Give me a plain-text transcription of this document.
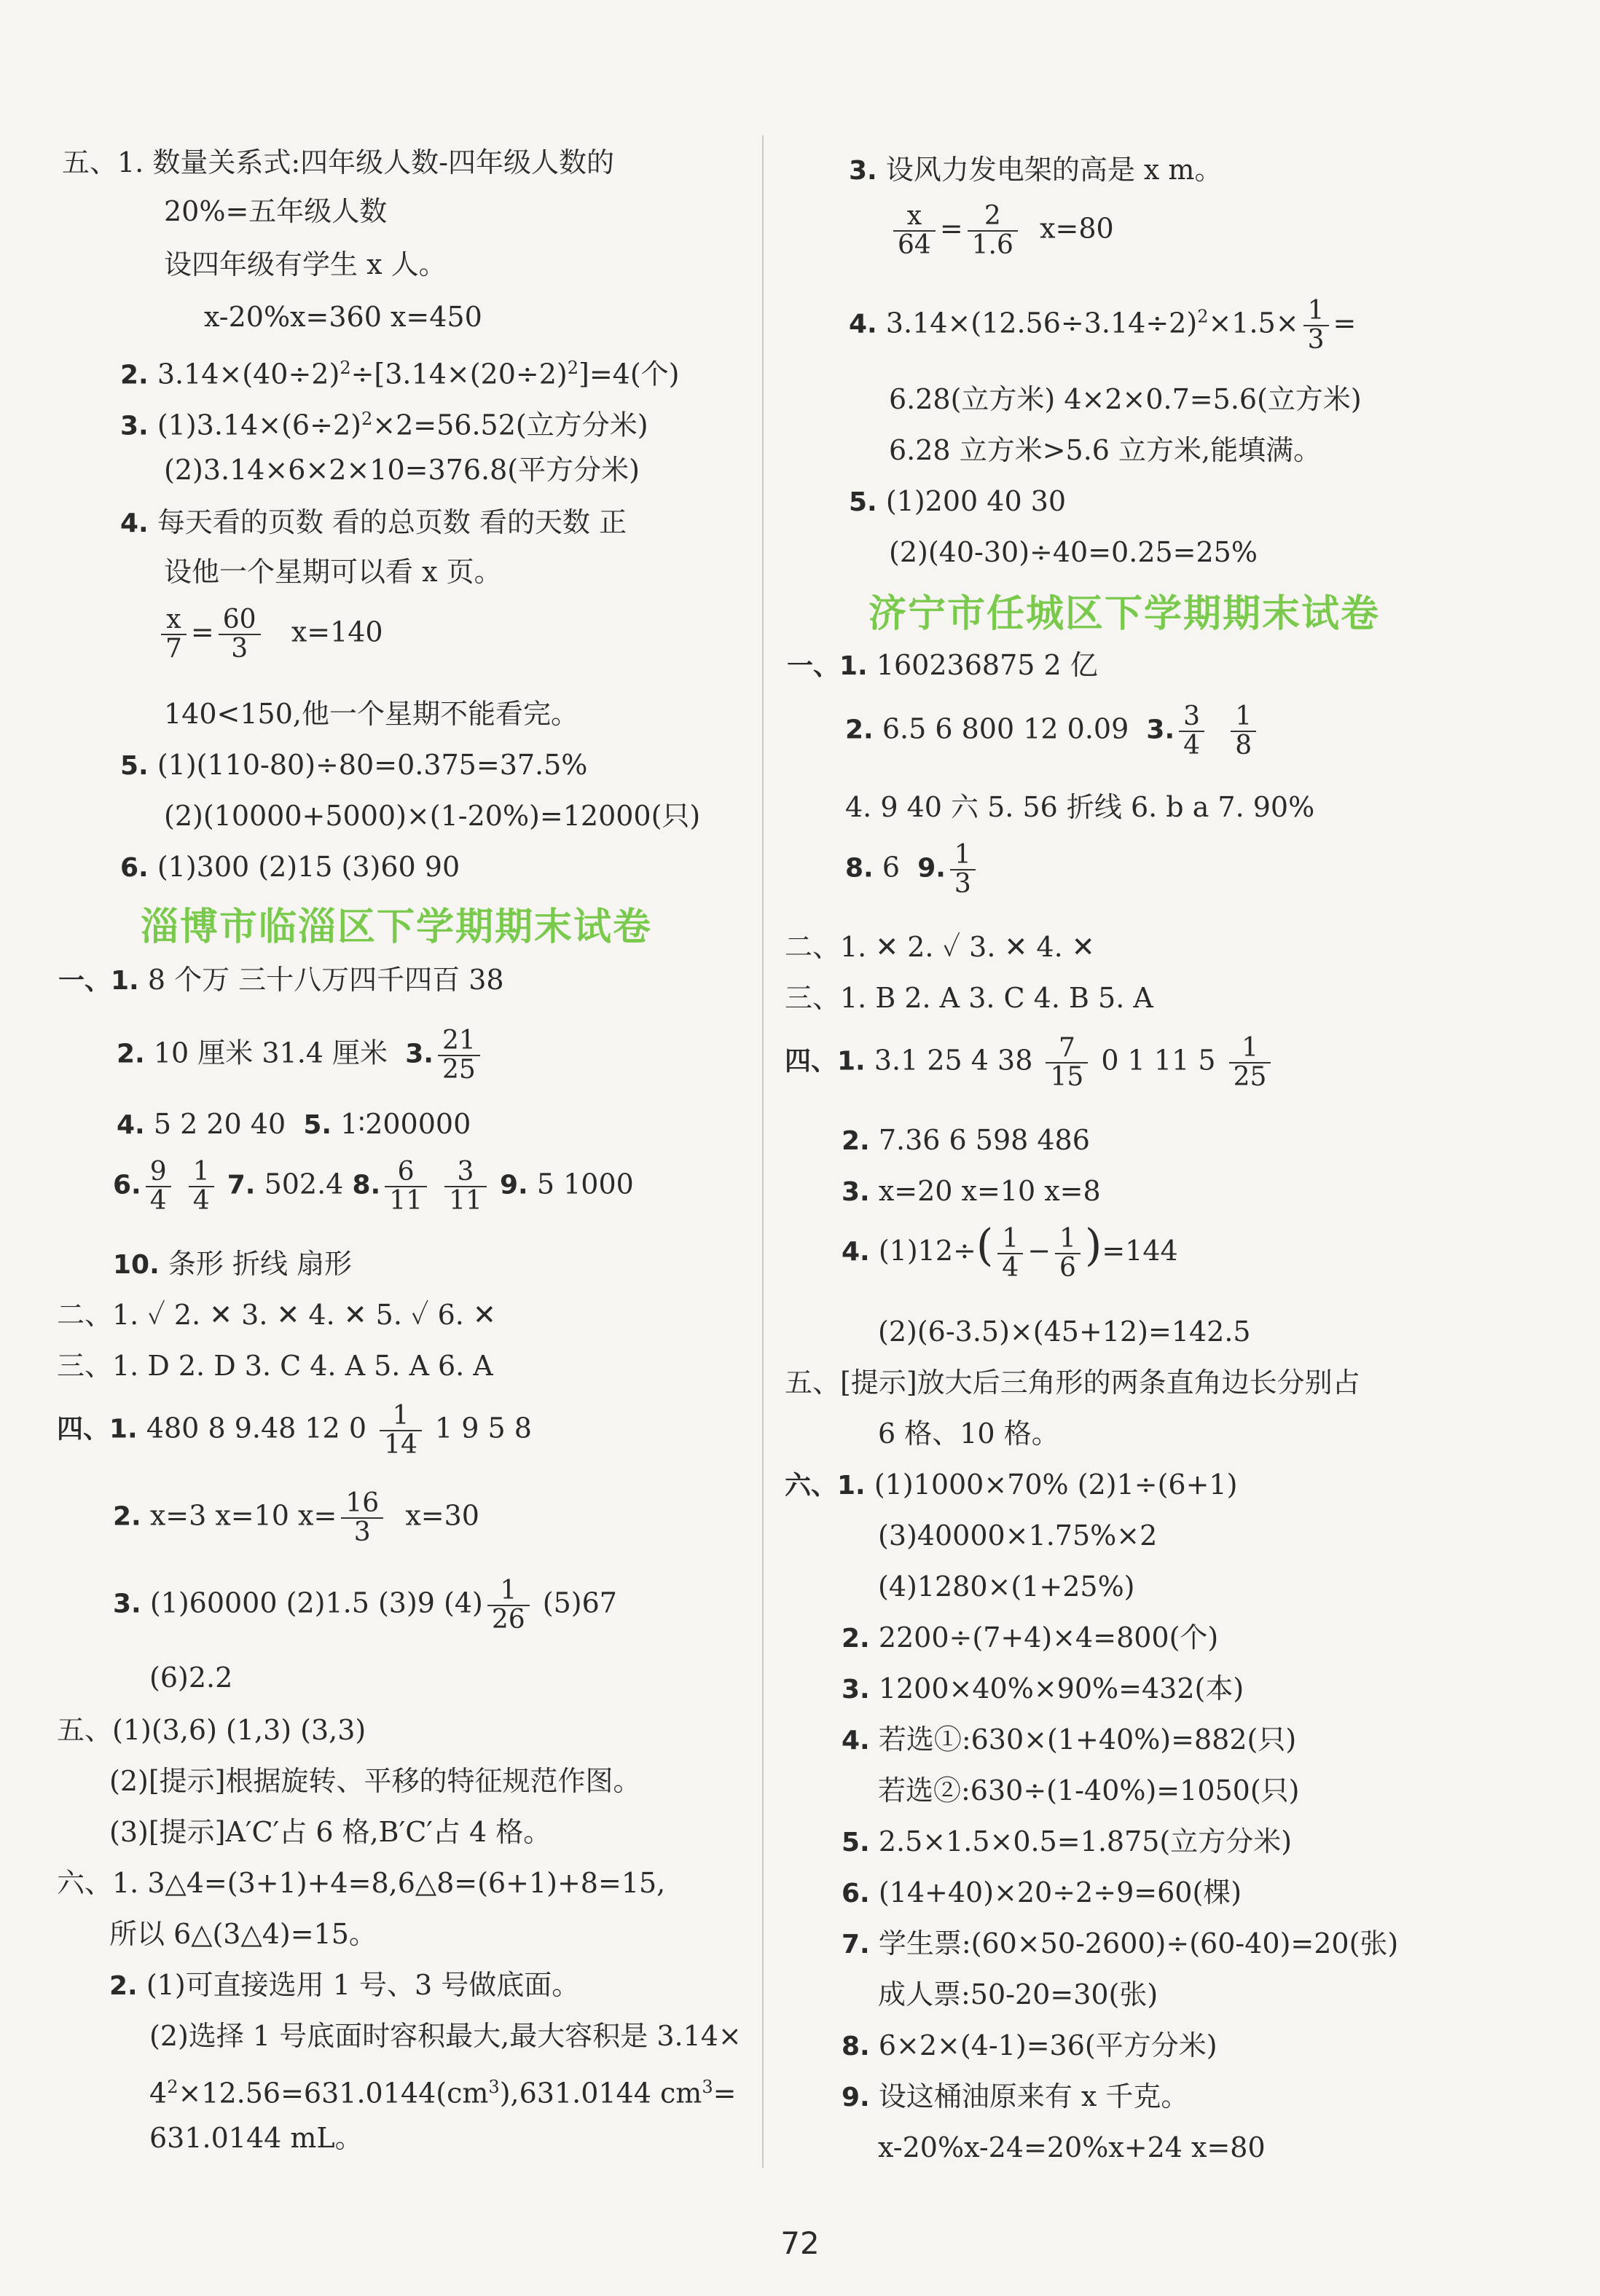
五、1. 数量关系式:四年级人数-四年级人数的
20%=五年级人数
设四年级有学生 x 人。
x-20%x=360 x=450
2. $3.14\times(40\div 2)^2\div[3.14\times(20\div 2)^2]=4$(个)
3. $(1)3.14\times(6\div 2)^2\times 2=56.52$(立方分米)
(2)3.14×6×2×10=376.8(平方分米)
4. 每天看的页数 看的总页数 看的天数 正
设他一个星期可以看 x 页。
$\frac{x}{7} = \frac{60}{3} x=140$
140<150,他一个星期不能看完。
5. (1)(110-80)÷80=0.375=37.5%
(2)(10000+5000)×(1-20%)=12000(只)
6. (1)300 (2)15 (3)60 90
淄博市临淄区下学期期末试卷
一、1. 8 个万 三十八万四千四百 38
2. 10 厘米 31.4 厘米 3. $\frac{21}{25}$
4. 5 2 20 40 5. 1∶200000
6. $\frac{9}{4}$
$\frac{1}{4} 7$. 502.4 8. $\frac{6}{11}$
$\frac{3}{11} 9$. 5 1000
10. 条形 折线 扇形
二、1. ✓ 2. ✕ 3. ✕ 4. ✕ 5. ✓ 6. ✕
三、1. D 2. D 3. C 4. A 5. A 6. A
四、1. 480 8 9.48 12 $0 \frac{1}{14} 1$ 9 5 8
2. x=3 x=10 $x= \frac{16}{3} x=30$
3. (1)60000 (2)1.5 (3)9 $(4) \frac{1}{26} (5)67$
(6)2.2
五、(1)(3,6) (1,3) (3,3)
(2)[提示]根据旋转、平移的特征规范作图。
(3)[提示]A′C′占 6 格,B′C′占 4 格。
六、1. 3△4=(3+1)+4=8,6△8=(6+1)+8=15,
所以 6△(3△4)=15。
2. (1)可直接选用 1 号、3 号做底面。
(2)选择 1 号底面时容积最大,最大容积是 3.14×
$4^2\times 12.56=631.0144(cm^3),631.0144$ $cm^3=$
631.0144 mL。
3. 设风力发电架的高是 x m。
$\frac{x}{64} = \frac{2}{1.6} x=80$
4. $3.14\times(12.56\div 3.14\div 2)^2\times 1.5\times \frac{1}{3}$ =
6.28(立方米) 4×2×0.7=5.6(立方米)
6.28 立方米>5.6 立方米,能填满。
5. (1)200 40 30
(2)(40-30)÷40=0.25=25%
济宁市任城区下学期期末试卷
一、1. 160236875 2 亿
2. 6.5 6 800 12 0.09 3. $\frac{3}{4}$
$\frac{1}{8}$
4. 9 40 六 5. 56 折线 6. b a 7. 90%
8. 6 9. $\frac{1}{3}$
二、1. ✕ 2. ✓ 3. ✕ 4. ✕
三、1. B 2. A 3. C 4. B 5. A
四、1. 3.1 25 4 $38 \frac{7}{15} 0$ 1 11 $5 \frac{1}{25}$
2. 7.36 6 598 486
3. x=20 x=10 x=8
4. $(1)12\div( \frac{1}{4} - \frac{1}{6} )=144$
(2)(6-3.5)×(45+12)=142.5
五、[提示]放大后三角形的两条直角边长分别占
6 格、10 格。
六、1. (1)1000×70% (2)1÷(6+1)
(3)40000×1.75%×2
(4)1280×(1+25%)
2. 2200÷(7+4)×4=800(个)
3. 1200×40%×90%=432(本)
4. 若选①:630×(1+40%)=882(只)
若选②:630÷(1-40%)=1050(只)
5. 2.5×1.5×0.5=1.875(立方分米)
6. (14+40)×20÷2÷9=60(棵)
7. 学生票:(60×50-2600)÷(60-40)=20(张)
成人票:50-20=30(张)
8. 6×2×(4-1)=36(平方分米)
9. 设这桶油原来有 x 千克。
x-20%x-24=20%x+24 x=80
72
